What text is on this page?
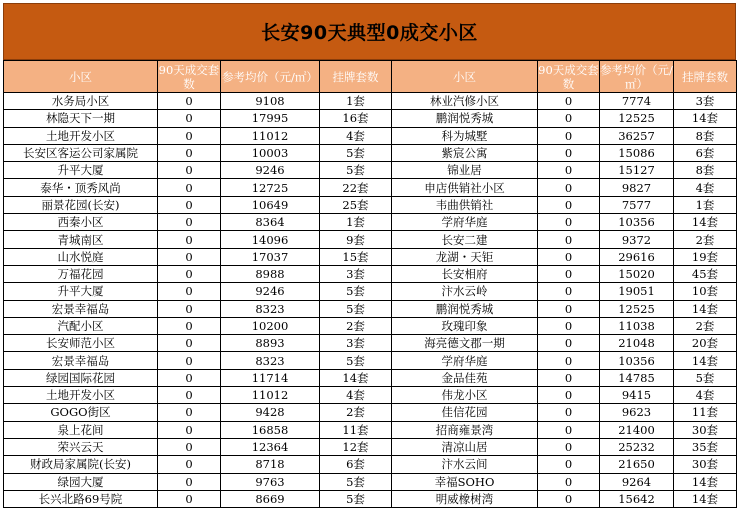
长安90天典型0成交小区
小区	90天成交套数	参考均价（元/㎡）	挂牌套数	小区	90天成交套数	参考均价（元/㎡）	挂牌套数
水务局小区	0	9108	1套	林业汽修小区	0	7774	3套
林隐天下一期	0	17995	16套	鹏润悦秀城	0	12525	14套
土地开发小区	0	11012	4套	科为城墅	0	36257	8套
长安区客运公司家属院	0	10003	5套	紫宸公寓	0	15086	6套
升平大厦	0	9246	5套	锦业居	0	15127	8套
泰华・顶秀风尚	0	12725	22套	申店供销社小区	0	9827	4套
丽景花园(长安)	0	10649	25套	韦曲供销社	0	7577	1套
西秦小区	0	8364	1套	学府华庭	0	10356	14套
青城南区	0	14096	9套	长安二建	0	9372	2套
山水悦庭	0	17037	15套	龙湖・天钜	0	29616	19套
万福花园	0	8988	3套	长安相府	0	15020	45套
升平大厦	0	9246	5套	汴水云岭	0	19051	10套
宏景幸福岛	0	8323	5套	鹏润悦秀城	0	12525	14套
汽配小区	0	10200	2套	玫瑰印象	0	11038	2套
长安师范小区	0	8893	3套	海亮德文郡一期	0	21048	20套
宏景幸福岛	0	8323	5套	学府华庭	0	10356	14套
绿园国际花园	0	11714	14套	金品佳苑	0	14785	5套
土地开发小区	0	11012	4套	伟龙小区	0	9415	4套
GOGO街区	0	9428	2套	佳信花园	0	9623	11套
泉上花间	0	16858	11套	招商雍景湾	0	21400	30套
荣兴云天	0	12364	12套	清凉山居	0	25232	35套
财政局家属院(长安)	0	8718	6套	汴水云间	0	21650	30套
绿园大厦	0	9763	5套	幸福SOHO	0	9264	14套
长兴北路69号院	0	8669	5套	明威橡树湾	0	15642	14套
